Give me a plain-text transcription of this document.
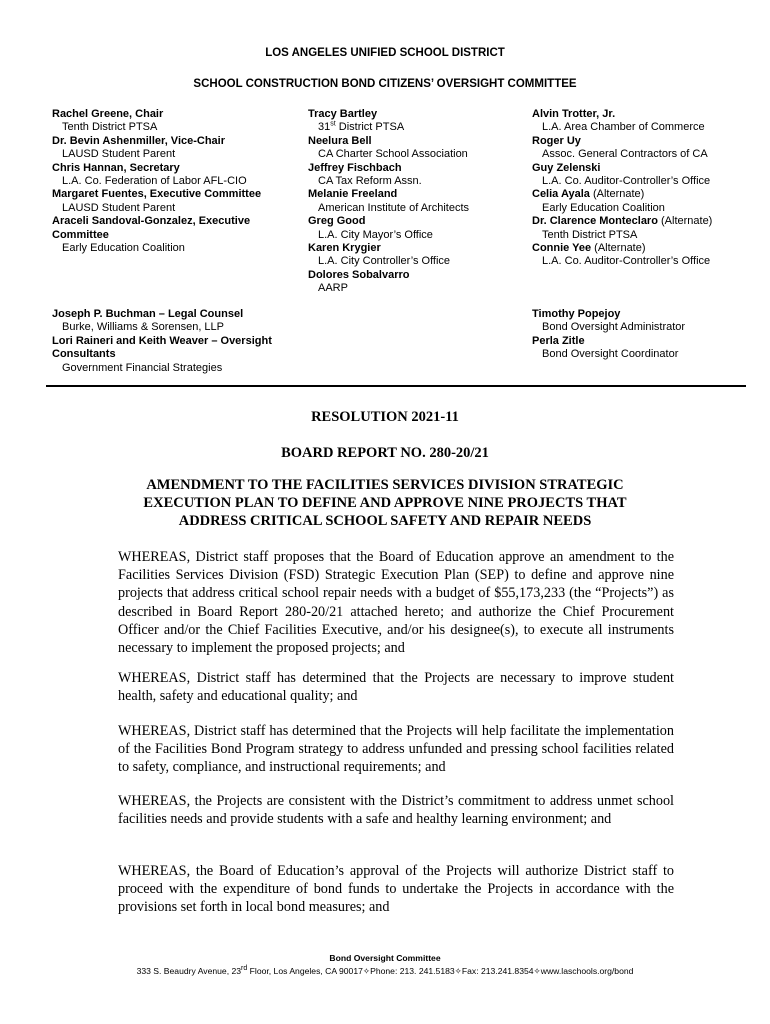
LOS ANGELES UNIFIED SCHOOL DISTRICT
SCHOOL CONSTRUCTION BOND CITIZENS’ OVERSIGHT COMMITTEE
Rachel Greene, Chair
Tenth District PTSA
Dr. Bevin Ashenmiller, Vice-Chair
LAUSD Student Parent
Chris Hannan, Secretary
L.A. Co. Federation of Labor AFL-CIO
Margaret Fuentes, Executive Committee
LAUSD Student Parent
Araceli Sandoval-Gonzalez, Executive
Committee
Early Education Coalition
Tracy Bartley
31st District PTSA
Neelura Bell
CA Charter School Association
Jeffrey Fischbach
CA Tax Reform Assn.
Melanie Freeland
American Institute of Architects
Greg Good
L.A. City Mayor’s Office
Karen Krygier
L.A. City Controller’s Office
Dolores Sobalvarro
AARP
Alvin Trotter, Jr.
L.A. Area Chamber of Commerce
Roger Uy
Assoc. General Contractors of CA
Guy Zelenski
L.A. Co. Auditor-Controller’s Office
Celia Ayala (Alternate)
Early Education Coalition
Dr. Clarence Monteclaro (Alternate)
Tenth District PTSA
Connie Yee (Alternate)
L.A. Co. Auditor-Controller’s Office
Joseph P. Buchman – Legal Counsel
Burke, Williams & Sorensen, LLP
Lori Raineri and Keith Weaver – Oversight
Consultants
Government Financial Strategies
Timothy Popejoy
Bond Oversight Administrator
Perla Zitle
Bond Oversight Coordinator
RESOLUTION 2021-11
BOARD REPORT NO. 280-20/21
AMENDMENT TO THE FACILITIES SERVICES DIVISION STRATEGIC
EXECUTION PLAN TO DEFINE AND APPROVE NINE PROJECTS THAT
ADDRESS CRITICAL SCHOOL SAFETY AND REPAIR NEEDS
WHEREAS, District staff proposes that the Board of Education approve an amendment to the Facilities Services Division (FSD) Strategic Execution Plan (SEP) to define and approve nine projects that address critical school repair needs with a budget of $55,173,233 (the “Projects”) as described in Board Report 280-20/21 attached hereto; and authorize the Chief Procurement Officer and/or the Chief Facilities Executive, and/or his designee(s), to execute all instruments necessary to implement the proposed projects; and
WHEREAS, District staff has determined that the Projects are necessary to improve student health, safety and educational quality; and
WHEREAS, District staff has determined that the Projects will help facilitate the implementation of the Facilities Bond Program strategy to address unfunded and pressing school facilities related to safety, compliance, and instructional requirements; and
WHEREAS, the Projects are consistent with the District’s commitment to address unmet school facilities needs and provide students with a safe and healthy learning environment; and
WHEREAS, the Board of Education’s approval of the Projects will authorize District staff to proceed with the expenditure of bond funds to undertake the Projects in accordance with the provisions set forth in local bond measures; and
Bond Oversight Committee
333 S. Beaudry Avenue, 23rd Floor, Los Angeles, CA 90017✧Phone: 213. 241.5183✧Fax: 213.241.8354✧www.laschools.org/bond
